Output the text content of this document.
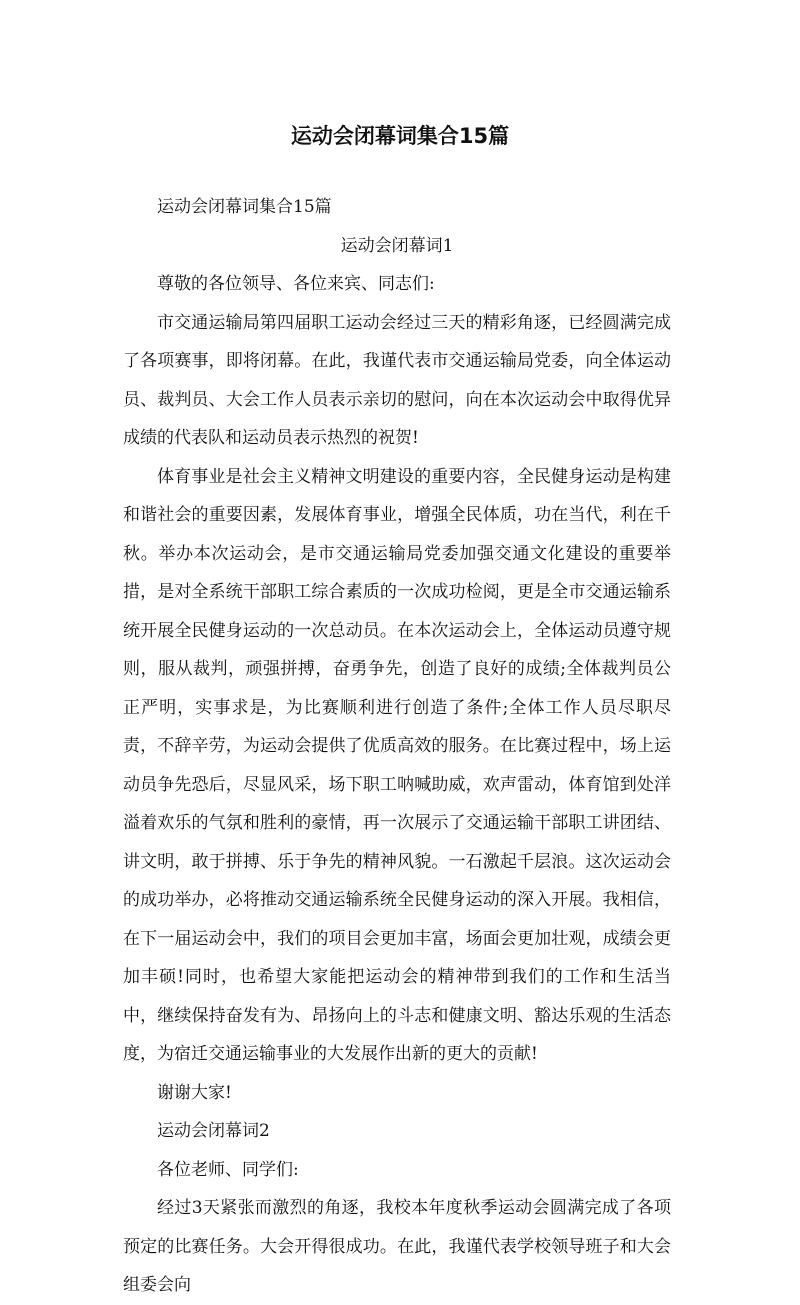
运动会闭幕词集合15篇

运动会闭幕词集合15篇

运动会闭幕词1

尊敬的各位领导、各位来宾、同志们:

市交通运输局第四届职工运动会经过三天的精彩角逐，已经圆满完成了各项赛事，即将闭幕。在此，我谨代表市交通运输局党委，向全体运动员、裁判员、大会工作人员表示亲切的慰问，向在本次运动会中取得优异成绩的代表队和运动员表示热烈的祝贺!

体育事业是社会主义精神文明建设的重要内容，全民健身运动是构建和谐社会的重要因素，发展体育事业，增强全民体质，功在当代，利在千秋。举办本次运动会，是市交通运输局党委加强交通文化建设的重要举措，是对全系统干部职工综合素质的一次成功检阅，更是全市交通运输系统开展全民健身运动的一次总动员。在本次运动会上，全体运动员遵守规则，服从裁判，顽强拼搏，奋勇争先，创造了良好的成绩;全体裁判员公正严明，实事求是，为比赛顺利进行创造了条件;全体工作人员尽职尽责，不辞辛劳，为运动会提供了优质高效的服务。在比赛过程中，场上运动员争先恐后，尽显风采，场下职工呐喊助威，欢声雷动，体育馆到处洋溢着欢乐的气氛和胜利的豪情，再一次展示了交通运输干部职工讲团结、讲文明，敢于拼搏、乐于争先的精神风貌。一石激起千层浪。这次运动会的成功举办，必将推动交通运输系统全民健身运动的深入开展。我相信，在下一届运动会中，我们的项目会更加丰富，场面会更加壮观，成绩会更加丰硕!同时，也希望大家能把运动会的精神带到我们的工作和生活当中，继续保持奋发有为、昂扬向上的斗志和健康文明、豁达乐观的生活态度，为宿迁交通运输事业的大发展作出新的更大的贡献!

谢谢大家!

运动会闭幕词2

各位老师、同学们:

经过3天紧张而激烈的角逐，我校本年度秋季运动会圆满完成了各项预定的比赛任务。大会开得很成功。在此，我谨代表学校领导班子和大会组委会向
